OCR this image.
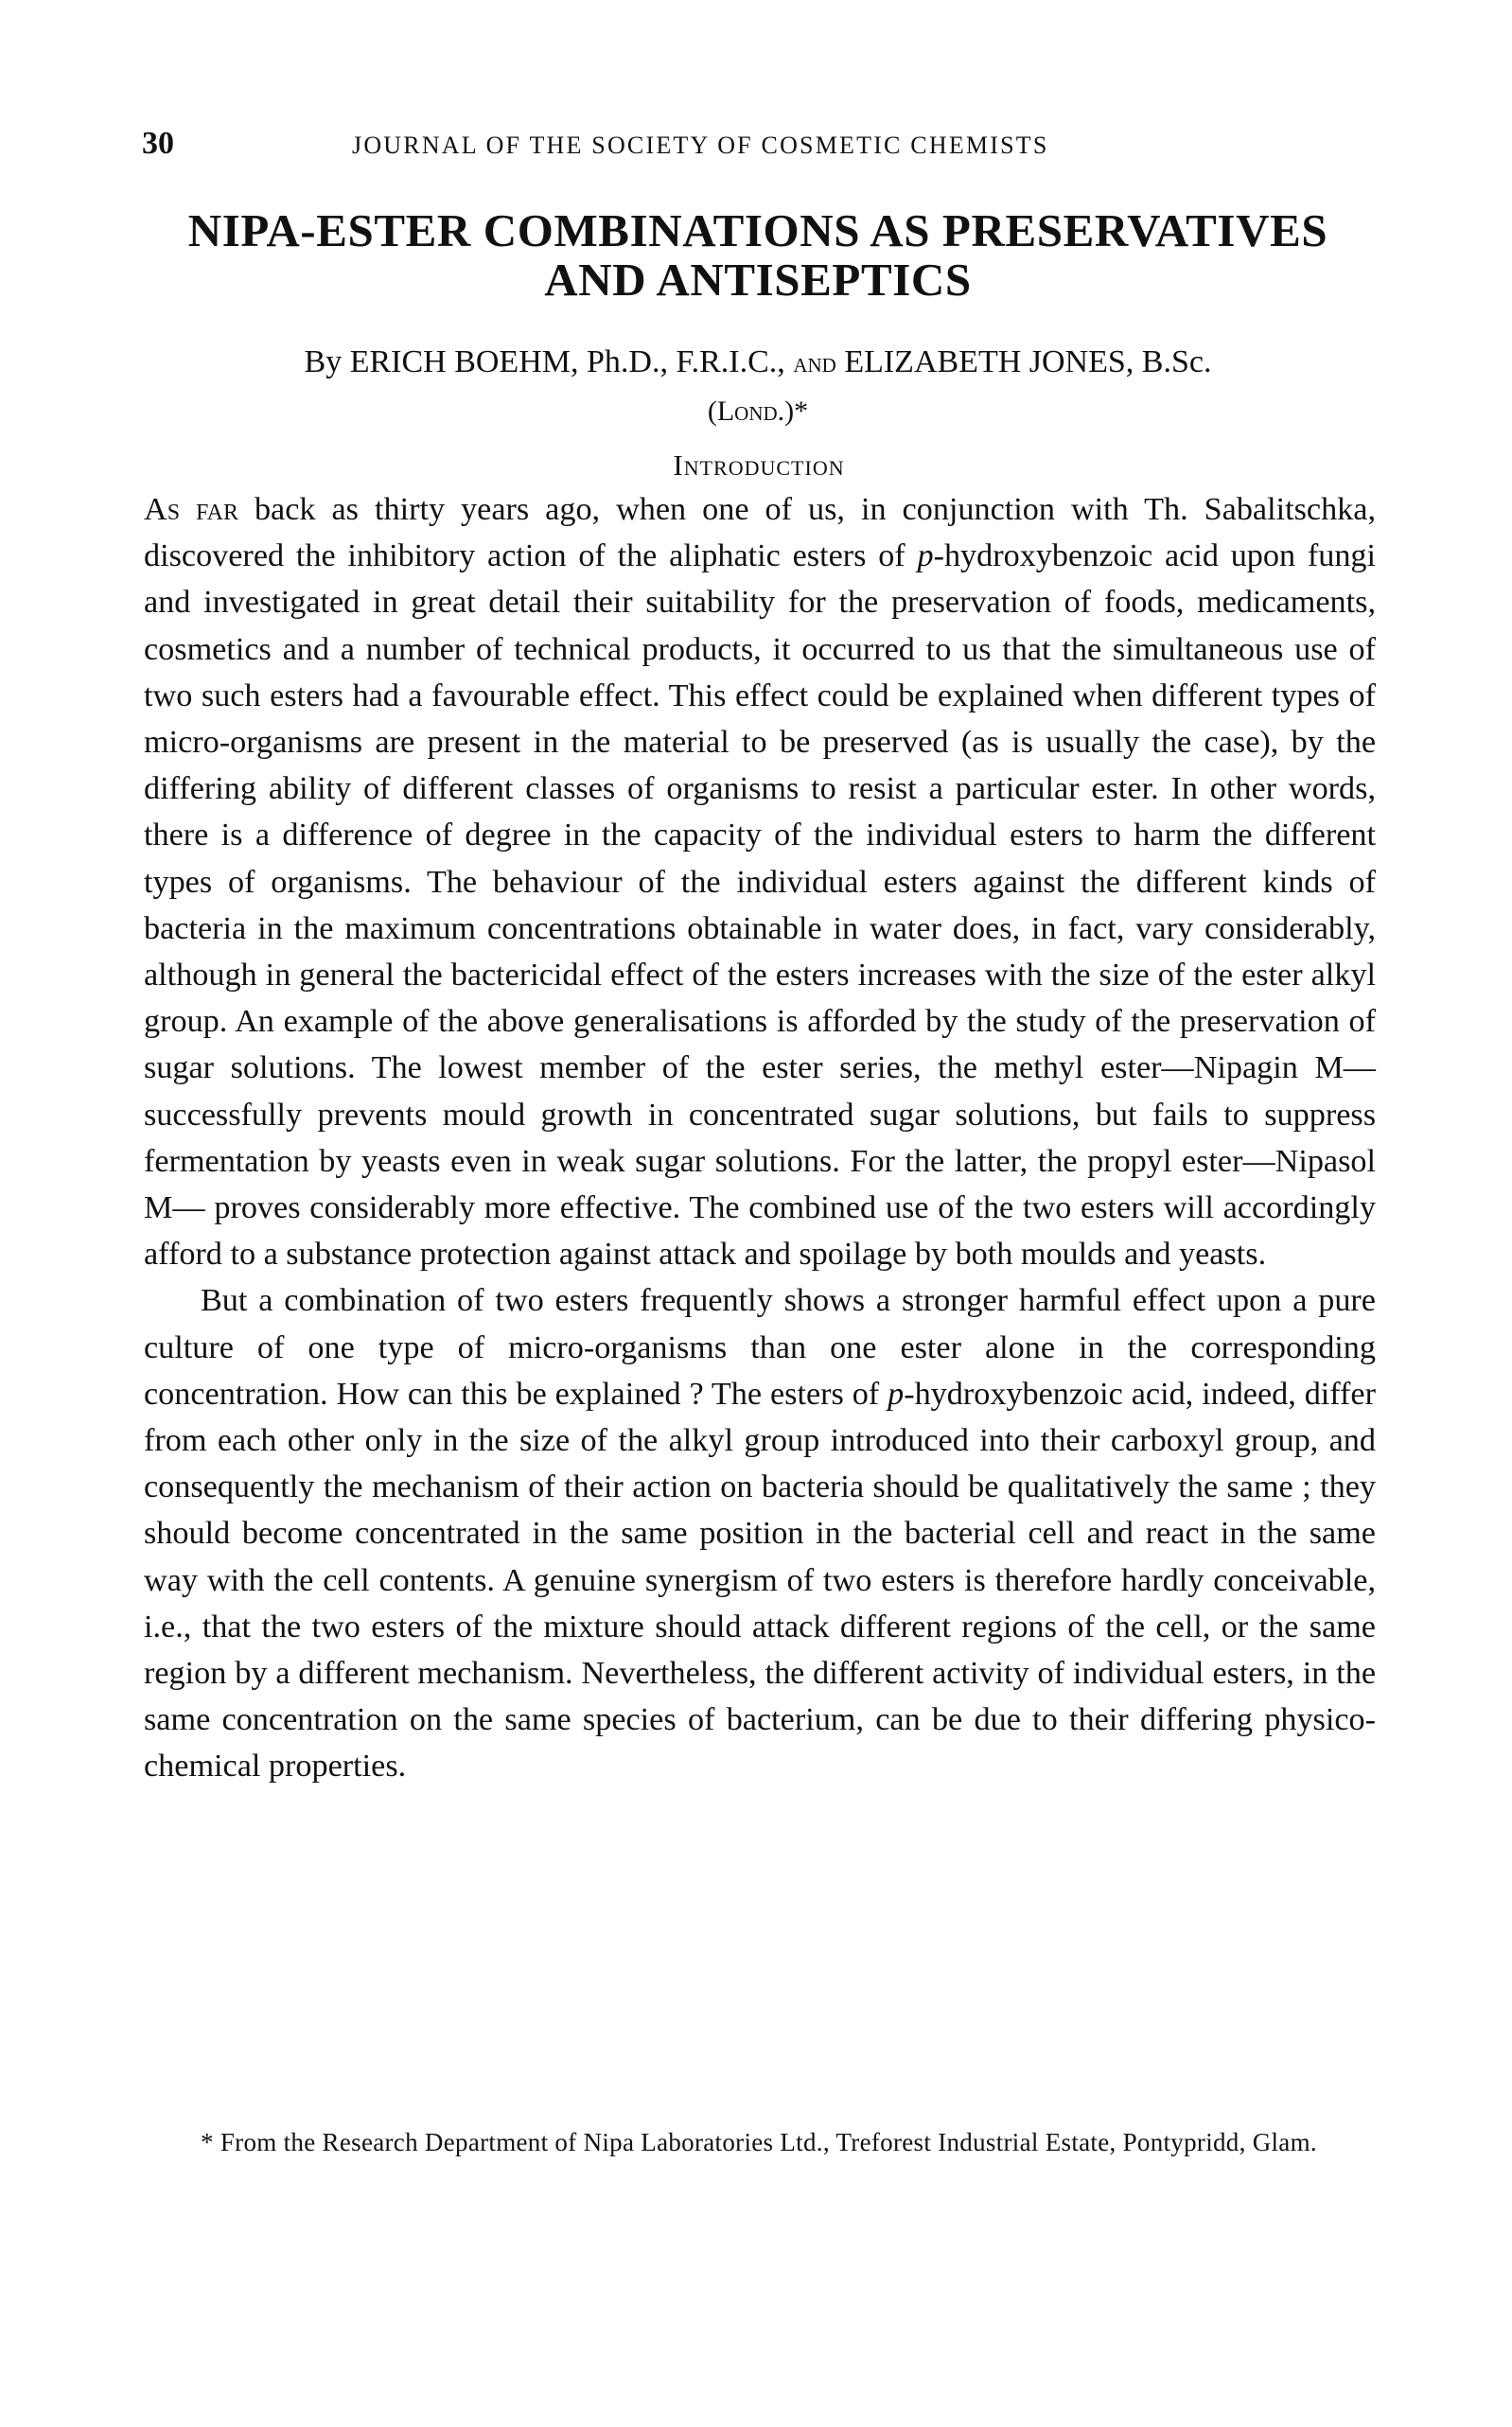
30	JOURNAL OF THE SOCIETY OF COSMETIC CHEMISTS
NIPA-ESTER COMBINATIONS AS PRESERVATIVES
AND ANTISEPTICS
By ERICH BOEHM, Ph.D., F.R.I.C., and ELIZABETH JONES, B.Sc.
(Lond.)*
Introduction

As far back as thirty years ago, when one of us, in conjunction with Th. Sabalitschka, discovered the inhibitory action of the aliphatic esters of p-hydroxybenzoic acid upon fungi and investigated in great detail their suitability for the preservation of foods, medicaments, cosmetics and a number of technical products, it occurred to us that the simultaneous use of two such esters had a favourable effect. This effect could be explained when different types of micro-organisms are present in the material to be preserved (as is usually the case), by the differing ability of different classes of organisms to resist a particular ester. In other words, there is a difference of degree in the capacity of the individual esters to harm the different types of organisms. The behaviour of the individual esters against the different kinds of bacteria in the maximum concentrations obtainable in water does, in fact, vary considerably, although in general the bactericidal effect of the esters increases with the size of the ester alkyl group. An example of the above generalisations is afforded by the study of the preservation of sugar solutions. The lowest member of the ester series, the methyl ester—Nipagin M—successfully prevents mould growth in concentrated sugar solutions, but fails to suppress fermentation by yeasts even in weak sugar solutions. For the latter, the propyl ester—Nipasol M— proves considerably more effective. The combined use of the two esters will accordingly afford to a substance protection against attack and spoilage by both moulds and yeasts.

But a combination of two esters frequently shows a stronger harmful effect upon a pure culture of one type of micro-organisms than one ester alone in the corresponding concentration. How can this be explained ? The esters of p-hydroxybenzoic acid, indeed, differ from each other only in the size of the alkyl group introduced into their carboxyl group, and consequently the mechanism of their action on bacteria should be qualitatively the same ; they should become concentrated in the same position in the bacterial cell and react in the same way with the cell contents. A genuine synergism of two esters is therefore hardly conceivable, i.e., that the two esters of the mixture should attack different regions of the cell, or the same region by a different mechanism. Nevertheless, the different activity of individual esters, in the same concentration on the same species of bacterium, can be due to their differing physico-chemical properties.

* From the Research Department of Nipa Laboratories Ltd., Treforest Industrial Estate, Pontypridd, Glam.
